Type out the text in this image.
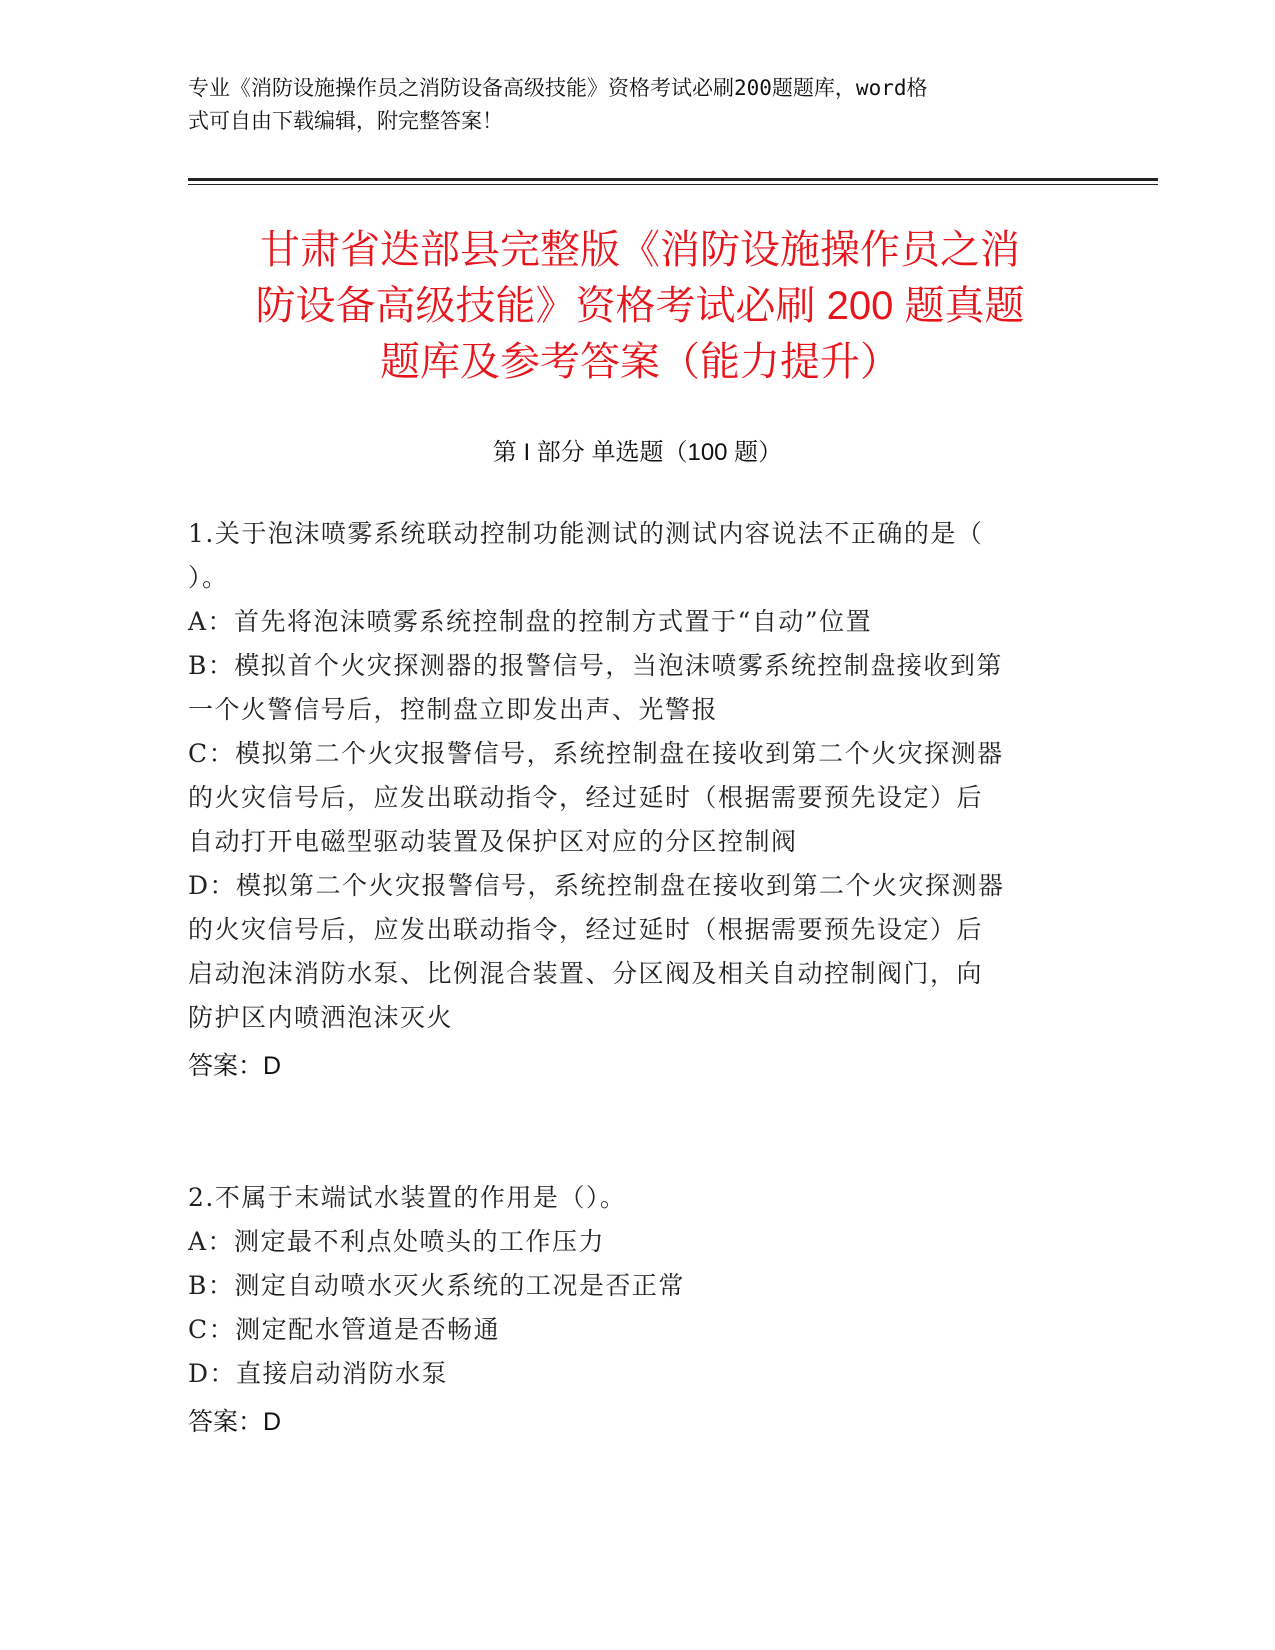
专业《消防设施操作员之消防设备高级技能》资格考试必刷200题题库，word格
式可自由下载编辑，附完整答案！
甘肃省迭部县完整版《消防设施操作员之消
防设备高级技能》资格考试必刷 200 题真题
题库及参考答案（能力提升）
第 I 部分 单选题（100 题）
1.关于泡沫喷雾系统联动控制功能测试的测试内容说法不正确的是（
）。
A：首先将泡沫喷雾系统控制盘的控制方式置于“自动”位置
B：模拟首个火灾探测器的报警信号，当泡沫喷雾系统控制盘接收到第
一个火警信号后，控制盘立即发出声、光警报
C：模拟第二个火灾报警信号，系统控制盘在接收到第二个火灾探测器
的火灾信号后，应发出联动指令，经过延时（根据需要预先设定）后
自动打开电磁型驱动装置及保护区对应的分区控制阀
D：模拟第二个火灾报警信号，系统控制盘在接收到第二个火灾探测器
的火灾信号后，应发出联动指令，经过延时（根据需要预先设定）后
启动泡沫消防水泵、比例混合装置、分区阀及相关自动控制阀门，向
防护区内喷洒泡沫灭火
答案：D
2.不属于末端试水装置的作用是（）。
A：测定最不利点处喷头的工作压力
B：测定自动喷水灭火系统的工况是否正常
C：测定配水管道是否畅通
D：直接启动消防水泵
答案：D
